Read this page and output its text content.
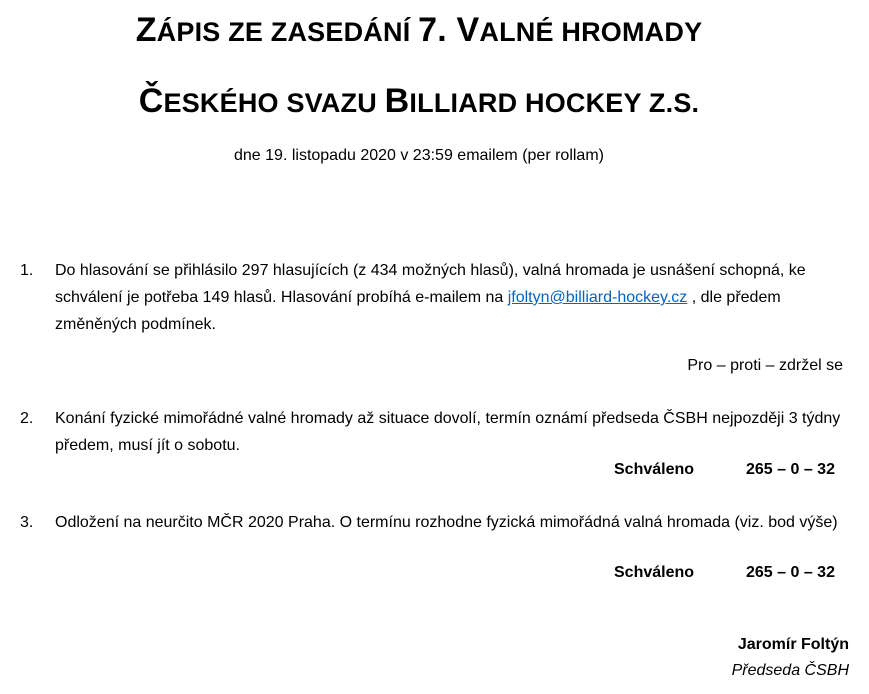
ZÁPIS ZE ZASEDÁNÍ 7. VALNÉ HROMADY
ČESKÉHO SVAZU BILLIARD HOCKEY Z.S.
dne 19. listopadu 2020 v 23:59 emailem (per rollam)
1. Do hlasování se přihlásilo 297 hlasujících (z 434 možných hlasů), valná hromada je usnášení schopná, ke schválení je potřeba 149 hlasů. Hlasování probíhá e-mailem na jfoltyn@billiard-hockey.cz , dle předem změněných podmínek.
Pro – proti – zdržel se
2. Konání fyzické mimořádné valné hromady až situace dovolí, termín oznámí předseda ČSBH nejpozději 3 týdny předem, musí jít o sobotu.
Schváleno	265 – 0 – 32
3. Odložení na neurčito MČR 2020 Praha. O termínu rozhodne fyzická mimořádná valná hromada (viz. bod výše)
Schváleno	265 – 0 – 32
Jaromír Foltýn
Předseda ČSBH
